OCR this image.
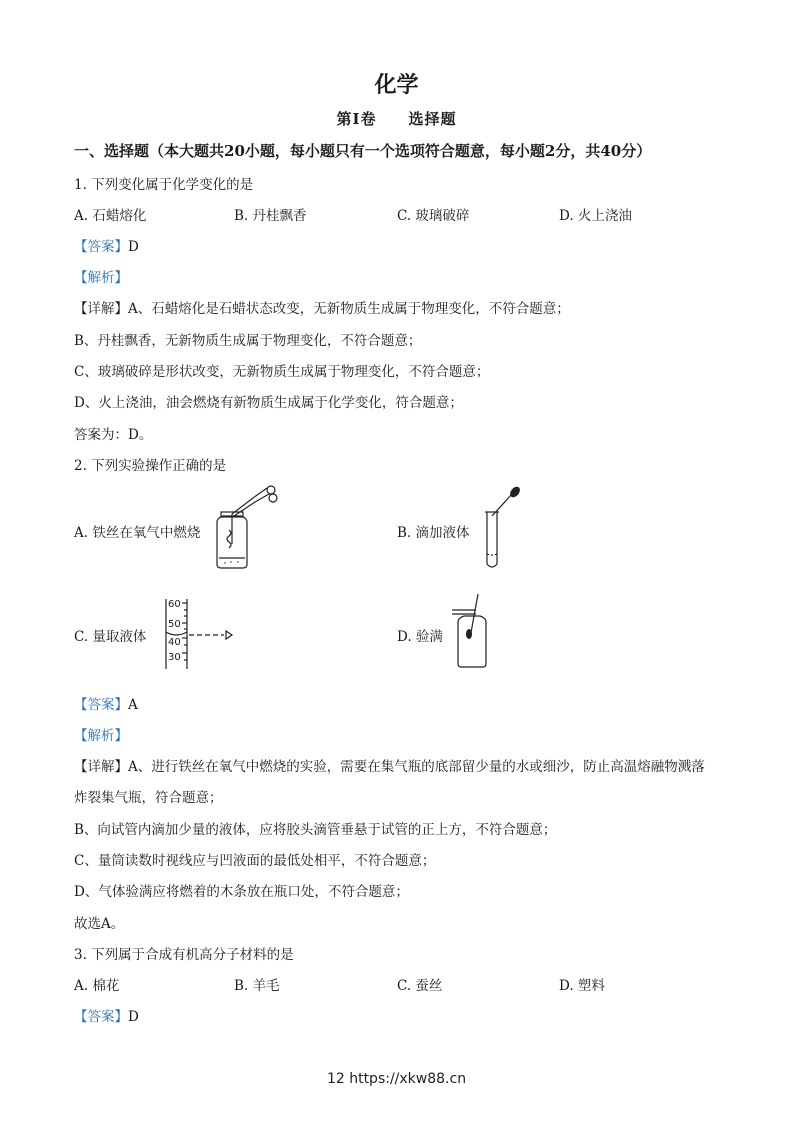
化学
第I卷　　选择题
一、选择题（本大题共20小题，每小题只有一个选项符合题意，每小题2分，共40分）
1. 下列变化属于化学变化的是
A. 石蜡熔化	B. 丹桂飘香	C. 玻璃破碎	D. 火上浇油
【答案】D
【解析】
【详解】A、石蜡熔化是石蜡状态改变，无新物质生成属于物理变化，不符合题意；
B、丹桂飘香，无新物质生成属于物理变化，不符合题意；
C、玻璃破碎是形状改变，无新物质生成属于物理变化，不符合题意；
D、火上浇油，油会燃烧有新物质生成属于化学变化，符合题意；
答案为：D。
2. 下列实验操作正确的是
A. 铁丝在氧气中燃烧	B. 滴加液体
C. 量取液体
60
50
40
30
D. 验满
【答案】A
【解析】
【详解】A、进行铁丝在氧气中燃烧的实验，需要在集气瓶的底部留少量的水或细沙，防止高温熔融物溅落
炸裂集气瓶，符合题意；
B、向试管内滴加少量的液体，应将胶头滴管垂悬于试管的正上方，不符合题意；
C、量筒读数时视线应与凹液面的最低处相平，不符合题意；
D、气体验满应将燃着的木条放在瓶口处，不符合题意；
故选A。
3. 下列属于合成有机高分子材料的是
A. 棉花	B. 羊毛	C. 蚕丝	D. 塑料
【答案】D
12 https://xkw88.cn
